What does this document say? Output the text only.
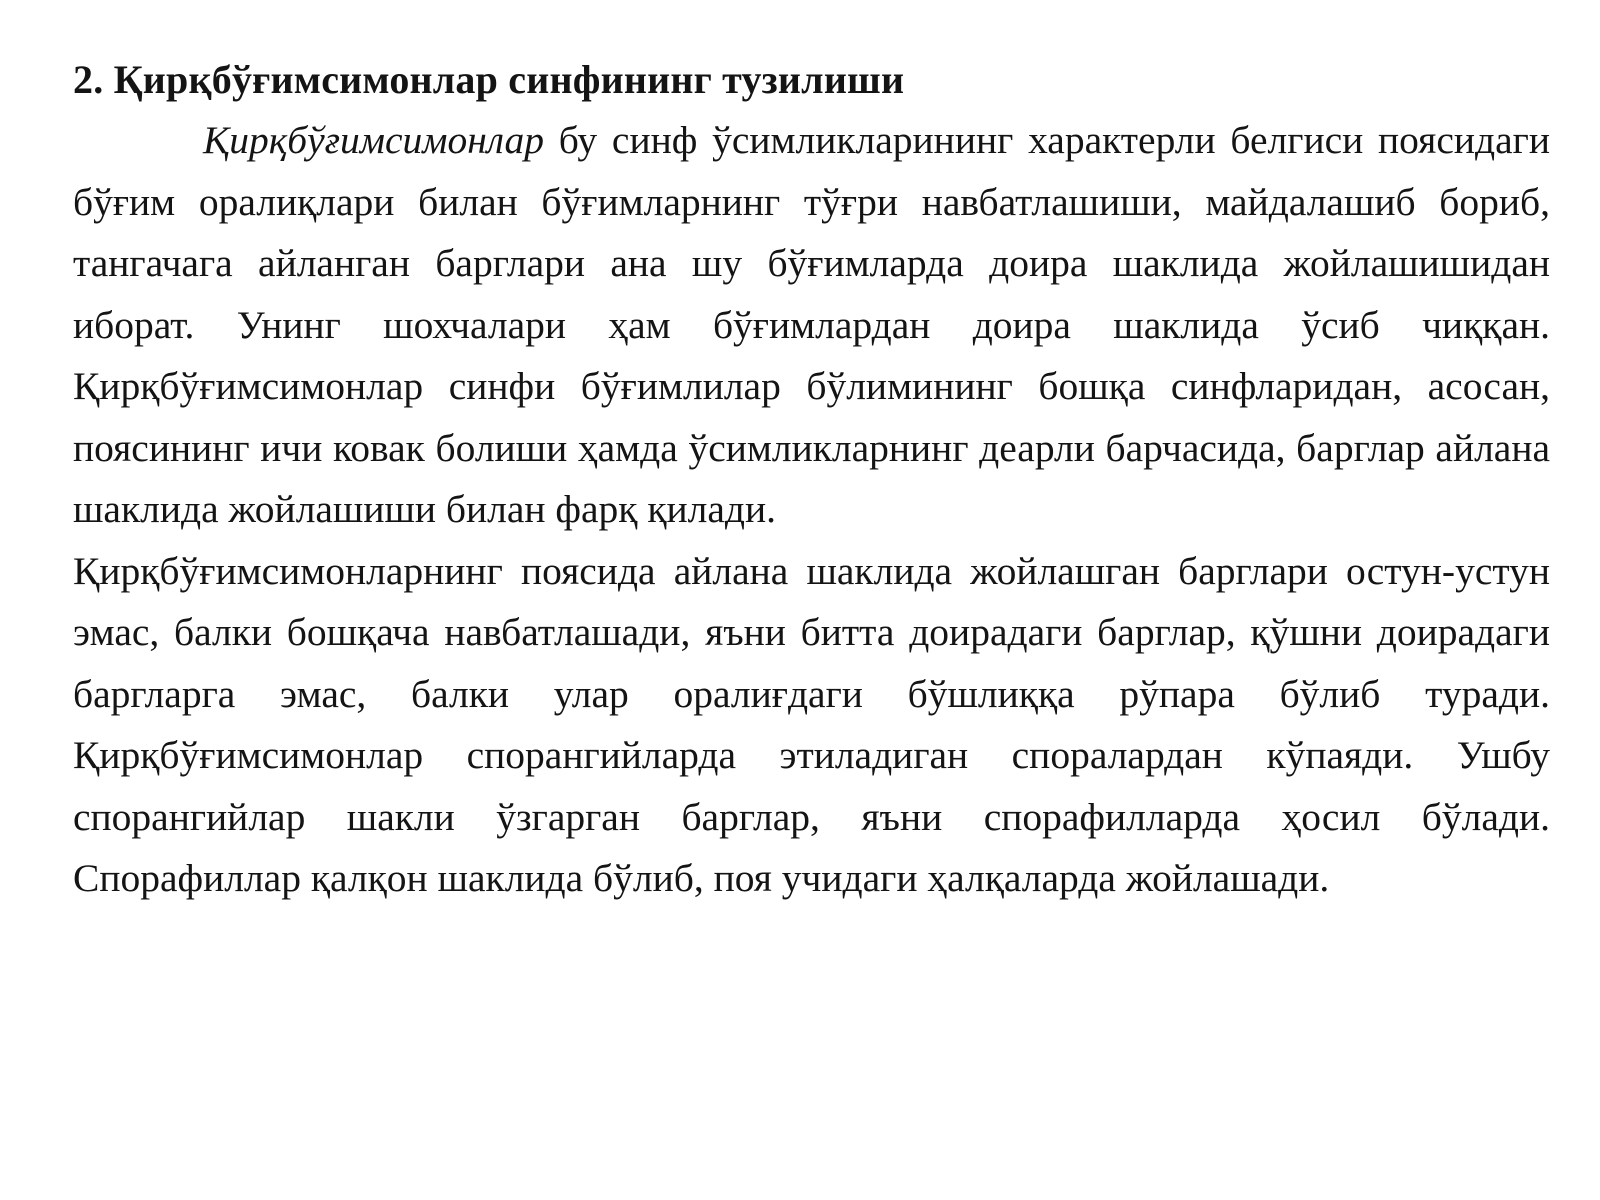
2. Қиpқбўғимсимонлаp синфининг тузилиши

Қирқбўғимсимонлар бу синф ўсимликларининг характерли белгиси поясидаги бўғим оралиқлари билан бўғимларнинг тўғри навбатлашиши, майдалашиб бориб, тангачага айланган барглари ана шу бўғимларда доира шаклида жойлашишидан иборат. Унинг шохчалари ҳам бўғимлардан доира шаклида ўсиб чиққан. Қирқбўғимсимонлар синфи бўғимлилар бўлимининг бошқа синфларидан, асосан, поясининг ичи ковак болиши ҳамда ўсимликларнинг деарли барчасида, барглар айлана шаклида жойлашиши билан фарқ қилади.

Қирқбўғимсимонларнинг поясида айлана шаклида жойлашган барглари остун-устун эмас, балки бошқача навбатлашади, яъни битта доирадаги барглар, қўшни доирадаги баргларга эмас, балки улар оралиғдаги бўшлиққа рўпара бўлиб туради. Қирқбўғимсимонлар спорангийларда этиладиган споралардан кўпаяди. Ушбу спорангийлар шакли ўзгарган барглар, яъни спорафилларда ҳосил бўлади. Спорафиллар қалқон шаклида бўлиб, поя учидаги ҳалқаларда жойлашади.
